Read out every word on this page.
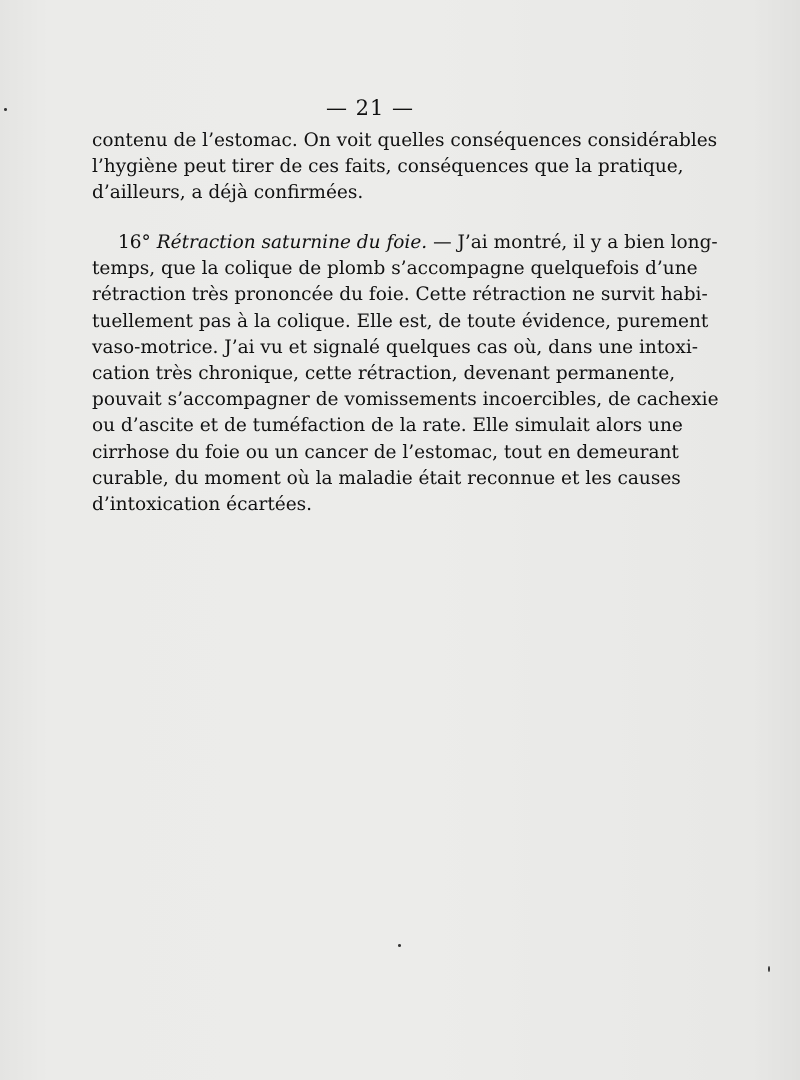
— 21 —

contenu de l’estomac. On voit quelles conséquences considérables
l’hygiène peut tirer de ces faits, conséquences que la pratique,
d’ailleurs, a déjà confirmées.

16° Rétraction saturnine du foie. — J’ai montré, il y a bien long-
temps, que la colique de plomb s’accompagne quelquefois d’une
rétraction très prononcée du foie. Cette rétraction ne survit habi-
tuellement pas à la colique. Elle est, de toute évidence, purement
vaso-motrice. J’ai vu et signalé quelques cas où, dans une intoxi-
cation très chronique, cette rétraction, devenant permanente,
pouvait s’accompagner de vomissements incoercibles, de cachexie
ou d’ascite et de tuméfaction de la rate. Elle simulait alors une
cirrhose du foie ou un cancer de l’estomac, tout en demeurant
curable, du moment où la maladie était reconnue et les causes
d’intoxication écartées.
